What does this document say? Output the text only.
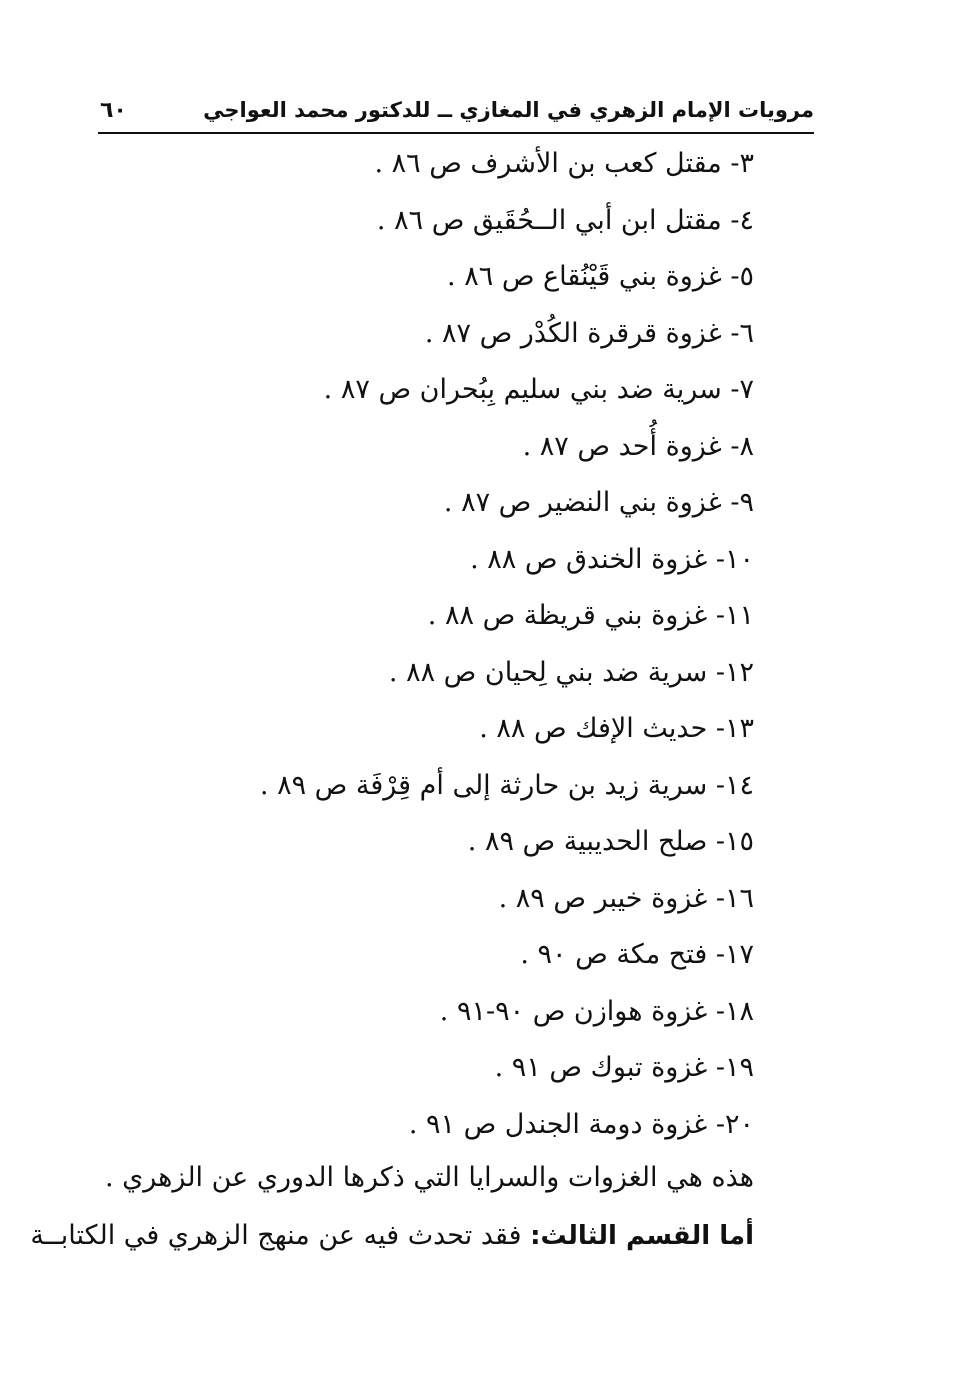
مرويات الإمام الزهري في المغازي ــ للدكتور محمد العواجي
٦٠
٣- مقتل كعب بن الأشرف ص ٨٦ .
٤- مقتل ابن أبي الــحُقَيق ص ٨٦ .
٥- غزوة بني قَيْنُقاع ص ٨٦ .
٦- غزوة قرقرة الكُدْر ص ٨٧ .
٧- سرية ضد بني سليم بِبُحران ص ٨٧ .
٨- غزوة أُحد ص ٨٧ .
٩- غزوة بني النضير ص ٨٧ .
١٠- غزوة الخندق ص ٨٨ .
١١- غزوة بني قريظة ص ٨٨ .
١٢- سرية ضد بني لِحيان ص ٨٨ .
١٣- حديث الإفك ص ٨٨ .
١٤- سرية زيد بن حارثة إلى أم قِرْفَة ص ٨٩ .
١٥- صلح الحديبية ص ٨٩ .
١٦- غزوة خيبر ص ٨٩ .
١٧- فتح مكة ص ٩٠ .
١٨- غزوة هوازن ص ٩٠-٩١ .
١٩- غزوة تبوك ص ٩١ .
٢٠- غزوة دومة الجندل ص ٩١ .

هذه هي الغزوات والسرايا التي ذكرها الدوري عن الزهري .

أما القسم الثالث: فقد تحدث فيه عن منهج الزهري في الكتابــة
